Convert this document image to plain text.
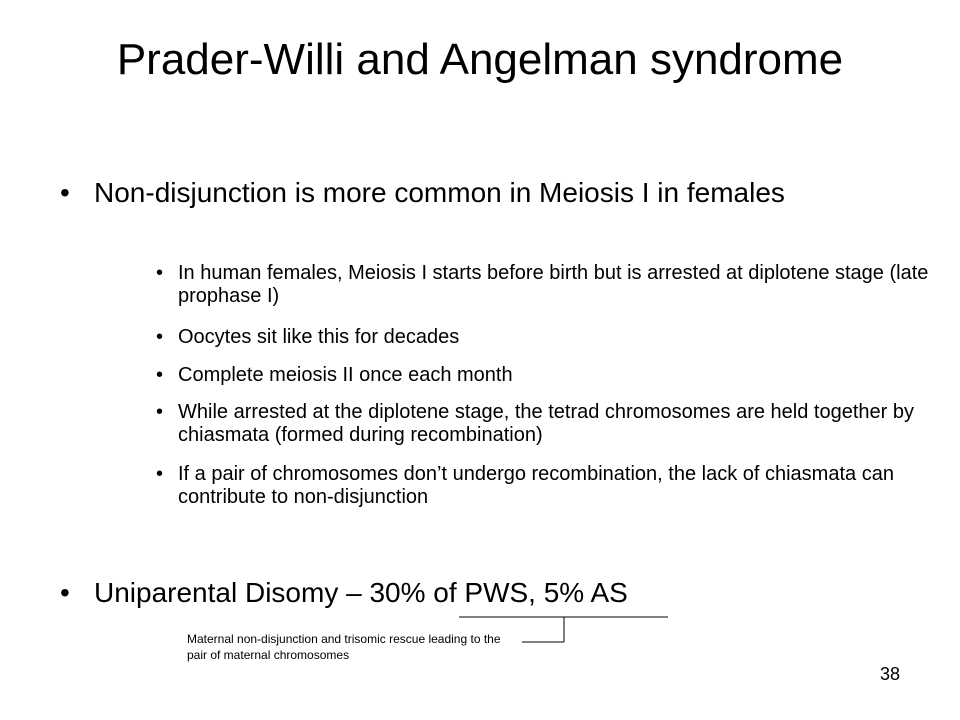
Prader-Willi and Angelman syndrome
• Non-disjunction is more common in Meiosis I in females
• In human females, Meiosis I starts before birth but is arrested at diplotene stage (late prophase I)
• Oocytes sit like this for decades
• Complete meiosis II once each month
• While arrested at the diplotene stage, the tetrad chromosomes are held together by chiasmata (formed during recombination)
• If a pair of chromosomes don’t undergo recombination, the lack of chiasmata can contribute to non-disjunction
• Uniparental Disomy – 30% of PWS, 5% AS
Maternal non-disjunction and trisomic rescue leading to the pair of maternal chromosomes
38
